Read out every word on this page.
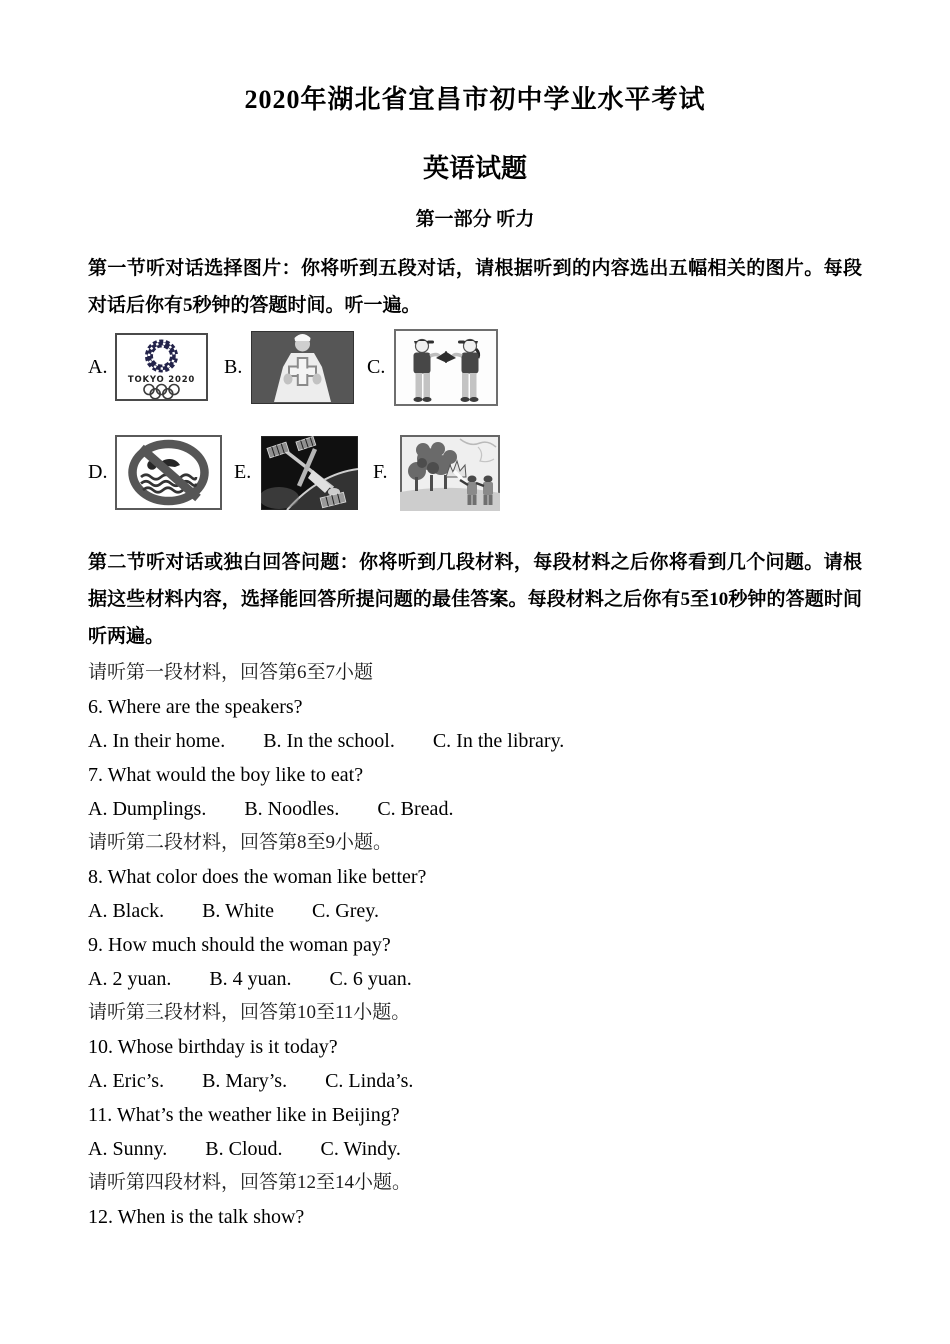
2020年湖北省宜昌市初中学业水平考试
英语试题
第一部分 听力

第一节听对话选择图片：你将听到五段对话，请根据听到的内容选出五幅相关的图片。每段对话后你有5秒钟的答题时间。听一遍。

A.
TOKYO 2020
B.	C.
D.	E.	F.

第二节听对话或独白回答问题：你将听到几段材料，每段材料之后你将看到几个问题。请根据这些材料内容，选择能回答所提问题的最佳答案。每段材料之后你有5至10秒钟的答题时间听两遍。

请听第一段材料，回答第6至7小题

6. Where are the speakers?

A. In their home. B. In the school. C. In the library.

7. What would the boy like to eat?

A. Dumplings. B. Noodles. C. Bread.

请听第二段材料，回答第8至9小题。

8. What color does the woman like better?

A. Black. B. White C. Grey.

9. How much should the woman pay?

A. 2 yuan. B. 4 yuan. C. 6 yuan.

请听第三段材料，回答第10至11小题。

10. Whose birthday is it today?

A. Eric’s. B. Mary’s. C. Linda’s.

11. What’s the weather like in Beijing?

A. Sunny. B. Cloud. C. Windy.

请听第四段材料，回答第12至14小题。

12. When is the talk show?
